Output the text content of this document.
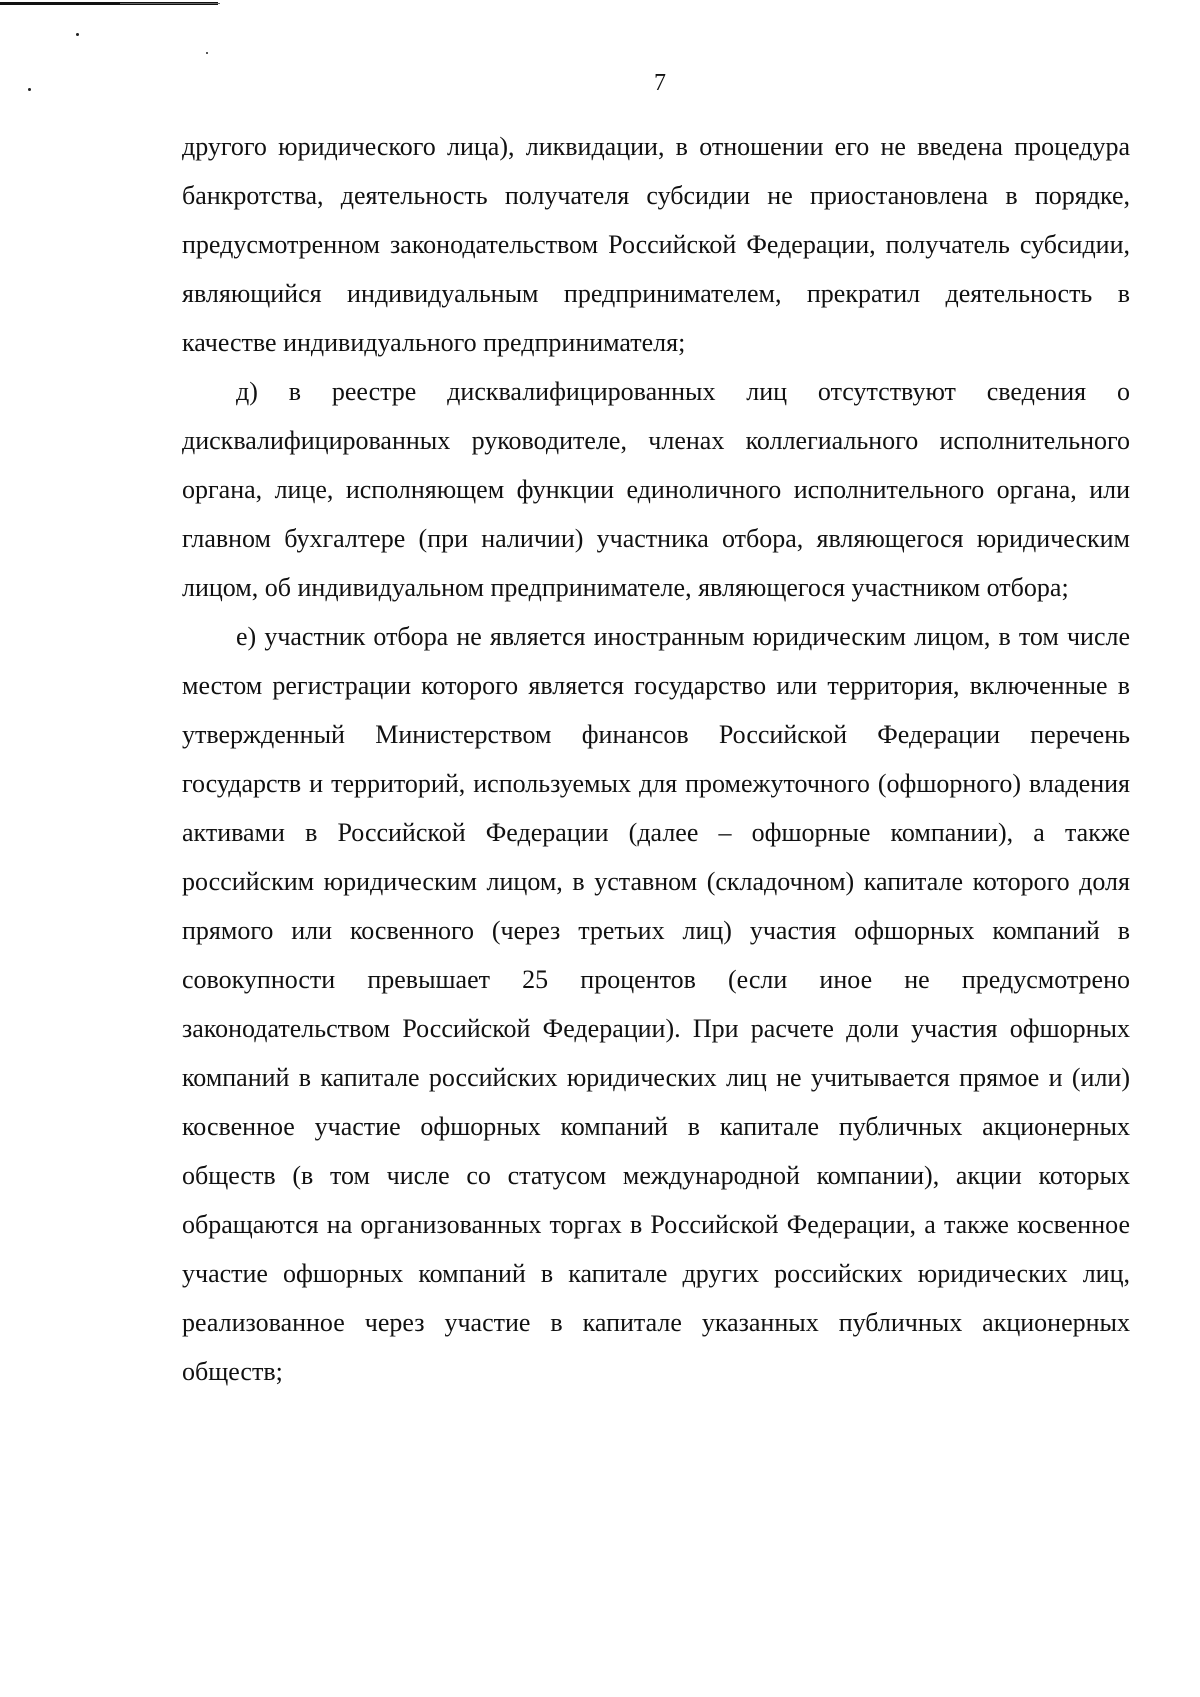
7

другого юридического лица), ликвидации, в отношении его не введена процедура банкротства, деятельность получателя субсидии не приостановлена в порядке, предусмотренном законодательством Российской Федерации, получатель субсидии, являющийся индивидуальным предпринимателем, прекратил деятельность в качестве индивидуального предпринимателя;

д) в реестре дисквалифицированных лиц отсутствуют сведения о дисквалифицированных руководителе, членах коллегиального исполнительного органа, лице, исполняющем функции единоличного исполнительного органа, или главном бухгалтере (при наличии) участника отбора, являющегося юридическим лицом, об индивидуальном предпринимателе, являющегося участником отбора;

е) участник отбора не является иностранным юридическим лицом, в том числе местом регистрации которого является государство или территория, включенные в утвержденный Министерством финансов Российской Федерации перечень государств и территорий, используемых для промежуточного (офшорного) владения активами в Российской Федерации (далее – офшорные компании), а также российским юридическим лицом, в уставном (складочном) капитале которого доля прямого или косвенного (через третьих лиц) участия офшорных компаний в совокупности превышает 25 процентов (если иное не предусмотрено законодательством Российской Федерации). При расчете доли участия офшорных компаний в капитале российских юридических лиц не учитывается прямое и (или) косвенное участие офшорных компаний в капитале публичных акционерных обществ (в том числе со статусом международной компании), акции которых обращаются на организованных торгах в Российской Федерации, а также косвенное участие офшорных компаний в капитале других российских юридических лиц, реализованное через участие в капитале указанных публичных акционерных обществ;
